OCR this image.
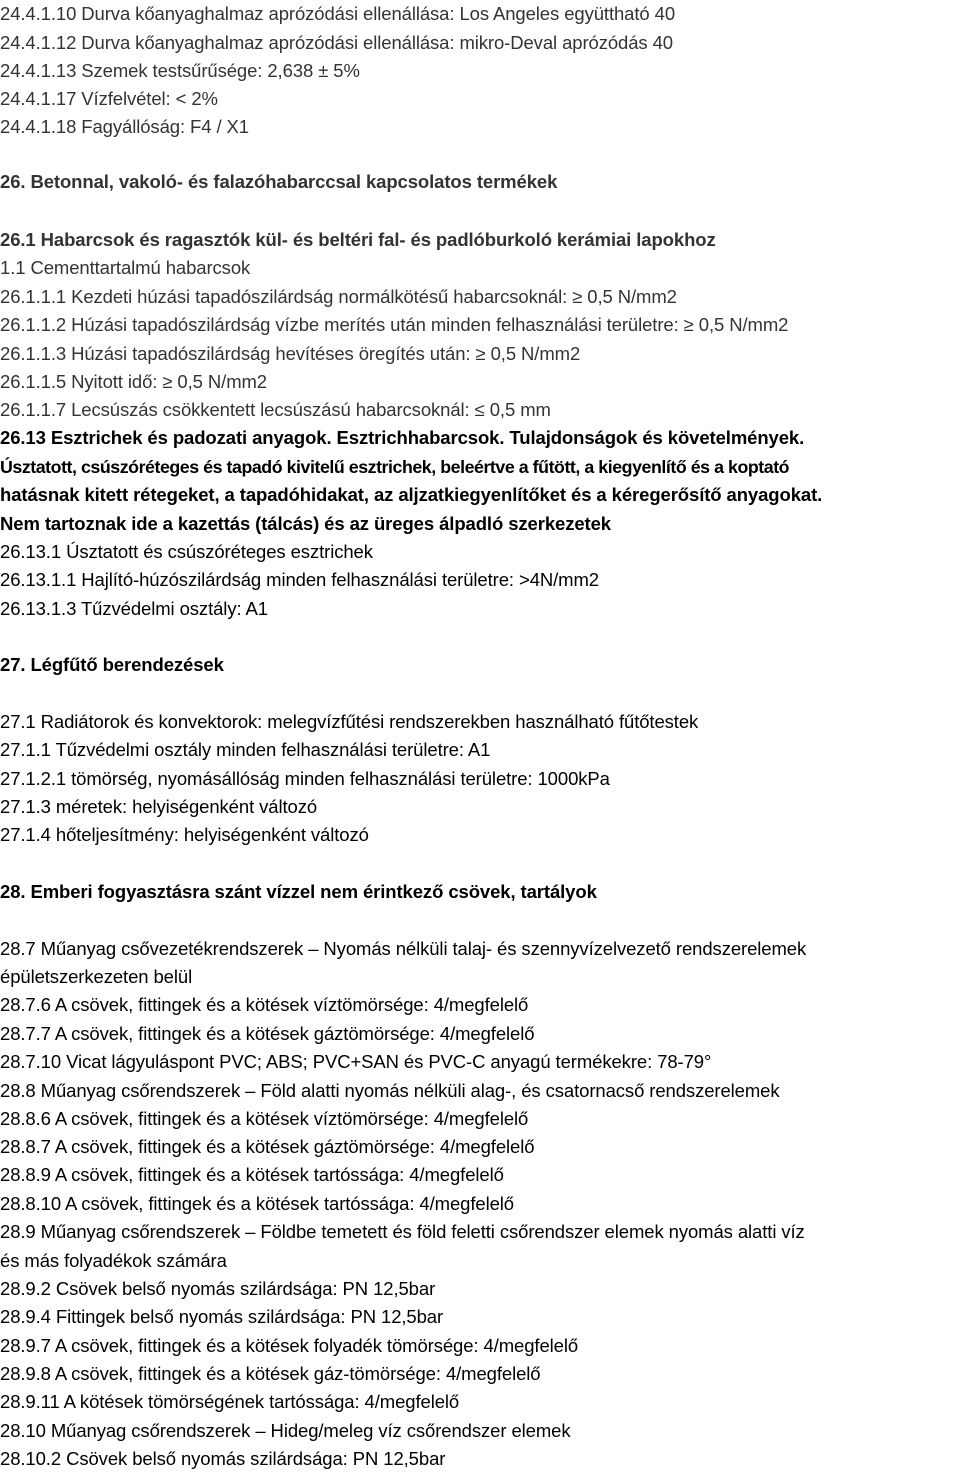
24.4.1.10 Durva kőanyaghalmaz aprózódási ellenállása: Los Angeles együttható 40
24.4.1.12 Durva kőanyaghalmaz aprózódási ellenállása: mikro-Deval aprózódás 40
24.4.1.13 Szemek testsűrűsége: 2,638 ± 5%
24.4.1.17 Vízfelvétel: < 2%
24.4.1.18 Fagyállóság: F4 / X1
26. Betonnal, vakoló- és falazóhabarccsal kapcsolatos termékek
26.1 Habarcsok és ragasztók kül- és beltéri fal- és padlóburkoló kerámiai lapokhoz
1.1 Cementtartalmú habarcsok
26.1.1.1 Kezdeti húzási tapadószilárdság normálkötésű habarcsoknál: ≥ 0,5 N/mm2
26.1.1.2 Húzási tapadószilárdság vízbe merítés után minden felhasználási területre: ≥ 0,5 N/mm2
26.1.1.3 Húzási tapadószilárdság hevítéses öregítés után: ≥ 0,5 N/mm2
26.1.1.5 Nyitott idő: ≥ 0,5 N/mm2
26.1.1.7 Lecsúszás csökkentett lecsúszású habarcsoknál: ≤ 0,5 mm
26.13 Esztrichek és padozati anyagok. Esztrichhabarcsok. Tulajdonságok és követelmények.
Úsztatott, csúszóréteges és tapadó kivitelű esztrichek, beleértve a fűtött, a kiegyenlítő és a koptató
hatásnak kitett rétegeket, a tapadóhidakat, az aljzatkiegyenlítőket és a kéregerősítő anyagokat.
Nem tartoznak ide a kazettás (tálcás) és az üreges álpadló szerkezetek
26.13.1 Úsztatott és csúszóréteges esztrichek
26.13.1.1 Hajlító-húzószilárdság minden felhasználási területre: >4N/mm2
26.13.1.3 Tűzvédelmi osztály: A1
27. Légfűtő berendezések
27.1 Radiátorok és konvektorok: melegvízfűtési rendszerekben használható fűtőtestek
27.1.1 Tűzvédelmi osztály minden felhasználási területre: A1
27.1.2.1 tömörség, nyomásállóság minden felhasználási területre: 1000kPa
27.1.3 méretek: helyiségenként változó
27.1.4 hőteljesítmény: helyiségenként változó
28. Emberi fogyasztásra szánt vízzel nem érintkező csövek, tartályok
28.7 Műanyag csővezetékrendszerek – Nyomás nélküli talaj- és szennyvízelvezető rendszerelemek
épületszerkezeten belül
28.7.6 A csövek, fittingek és a kötések víztömörsége: 4/megfelelő
28.7.7 A csövek, fittingek és a kötések gáztömörsége: 4/megfelelő
28.7.10 Vicat lágyuláspont PVC; ABS; PVC+SAN és PVC-C anyagú termékekre: 78-79°
28.8 Műanyag csőrendszerek – Föld alatti nyomás nélküli alag-, és csatornacső rendszerelemek
28.8.6 A csövek, fittingek és a kötések víztömörsége: 4/megfelelő
28.8.7 A csövek, fittingek és a kötések gáztömörsége: 4/megfelelő
28.8.9 A csövek, fittingek és a kötések tartóssága: 4/megfelelő
28.8.10 A csövek, fittingek és a kötések tartóssága: 4/megfelelő
28.9 Műanyag csőrendszerek – Földbe temetett és föld feletti csőrendszer elemek nyomás alatti víz
és más folyadékok számára
28.9.2 Csövek belső nyomás szilárdsága: PN 12,5bar
28.9.4 Fittingek belső nyomás szilárdsága: PN 12,5bar
28.9.7 A csövek, fittingek és a kötések folyadék tömörsége: 4/megfelelő
28.9.8 A csövek, fittingek és a kötések gáz-tömörsége: 4/megfelelő
28.9.11 A kötések tömörségének tartóssága: 4/megfelelő
28.10 Műanyag csőrendszerek – Hideg/meleg víz csőrendszer elemek
28.10.2 Csövek belső nyomás szilárdsága: PN 12,5bar
